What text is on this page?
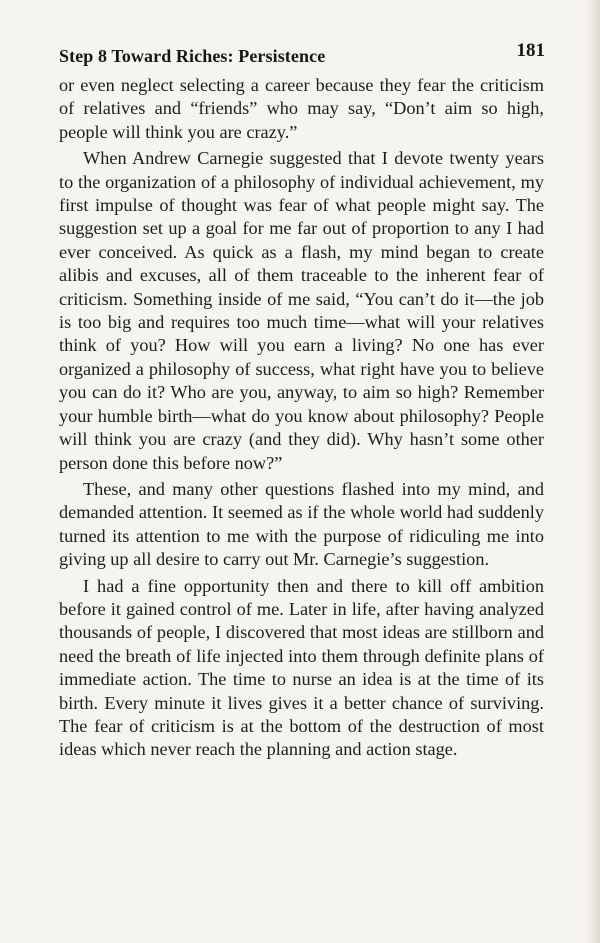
Step 8 Toward Riches: Persistence	181

or even neglect selecting a career because they fear the criticism of relatives and “friends” who may say, “Don’t aim so high, people will think you are crazy.”

When Andrew Carnegie suggested that I devote twenty years to the organization of a philosophy of individual achievement, my first impulse of thought was fear of what people might say. The suggestion set up a goal for me far out of proportion to any I had ever conceived. As quick as a flash, my mind began to create alibis and excuses, all of them traceable to the inherent fear of criticism. Something inside of me said, “You can’t do it—the job is too big and requires too much time—what will your relatives think of you? How will you earn a living? No one has ever organized a philosophy of success, what right have you to believe you can do it? Who are you, anyway, to aim so high? Remember your humble birth—what do you know about philosophy? People will think you are crazy (and they did). Why hasn’t some other person done this before now?”

These, and many other questions flashed into my mind, and demanded attention. It seemed as if the whole world had suddenly turned its attention to me with the purpose of ridiculing me into giving up all desire to carry out Mr. Carnegie’s suggestion.

I had a fine opportunity then and there to kill off ambition before it gained control of me. Later in life, after having analyzed thousands of people, I discovered that most ideas are stillborn and need the breath of life injected into them through definite plans of immediate action. The time to nurse an idea is at the time of its birth. Every minute it lives gives it a better chance of surviving. The fear of criticism is at the bottom of the destruction of most ideas which never reach the planning and action stage.
